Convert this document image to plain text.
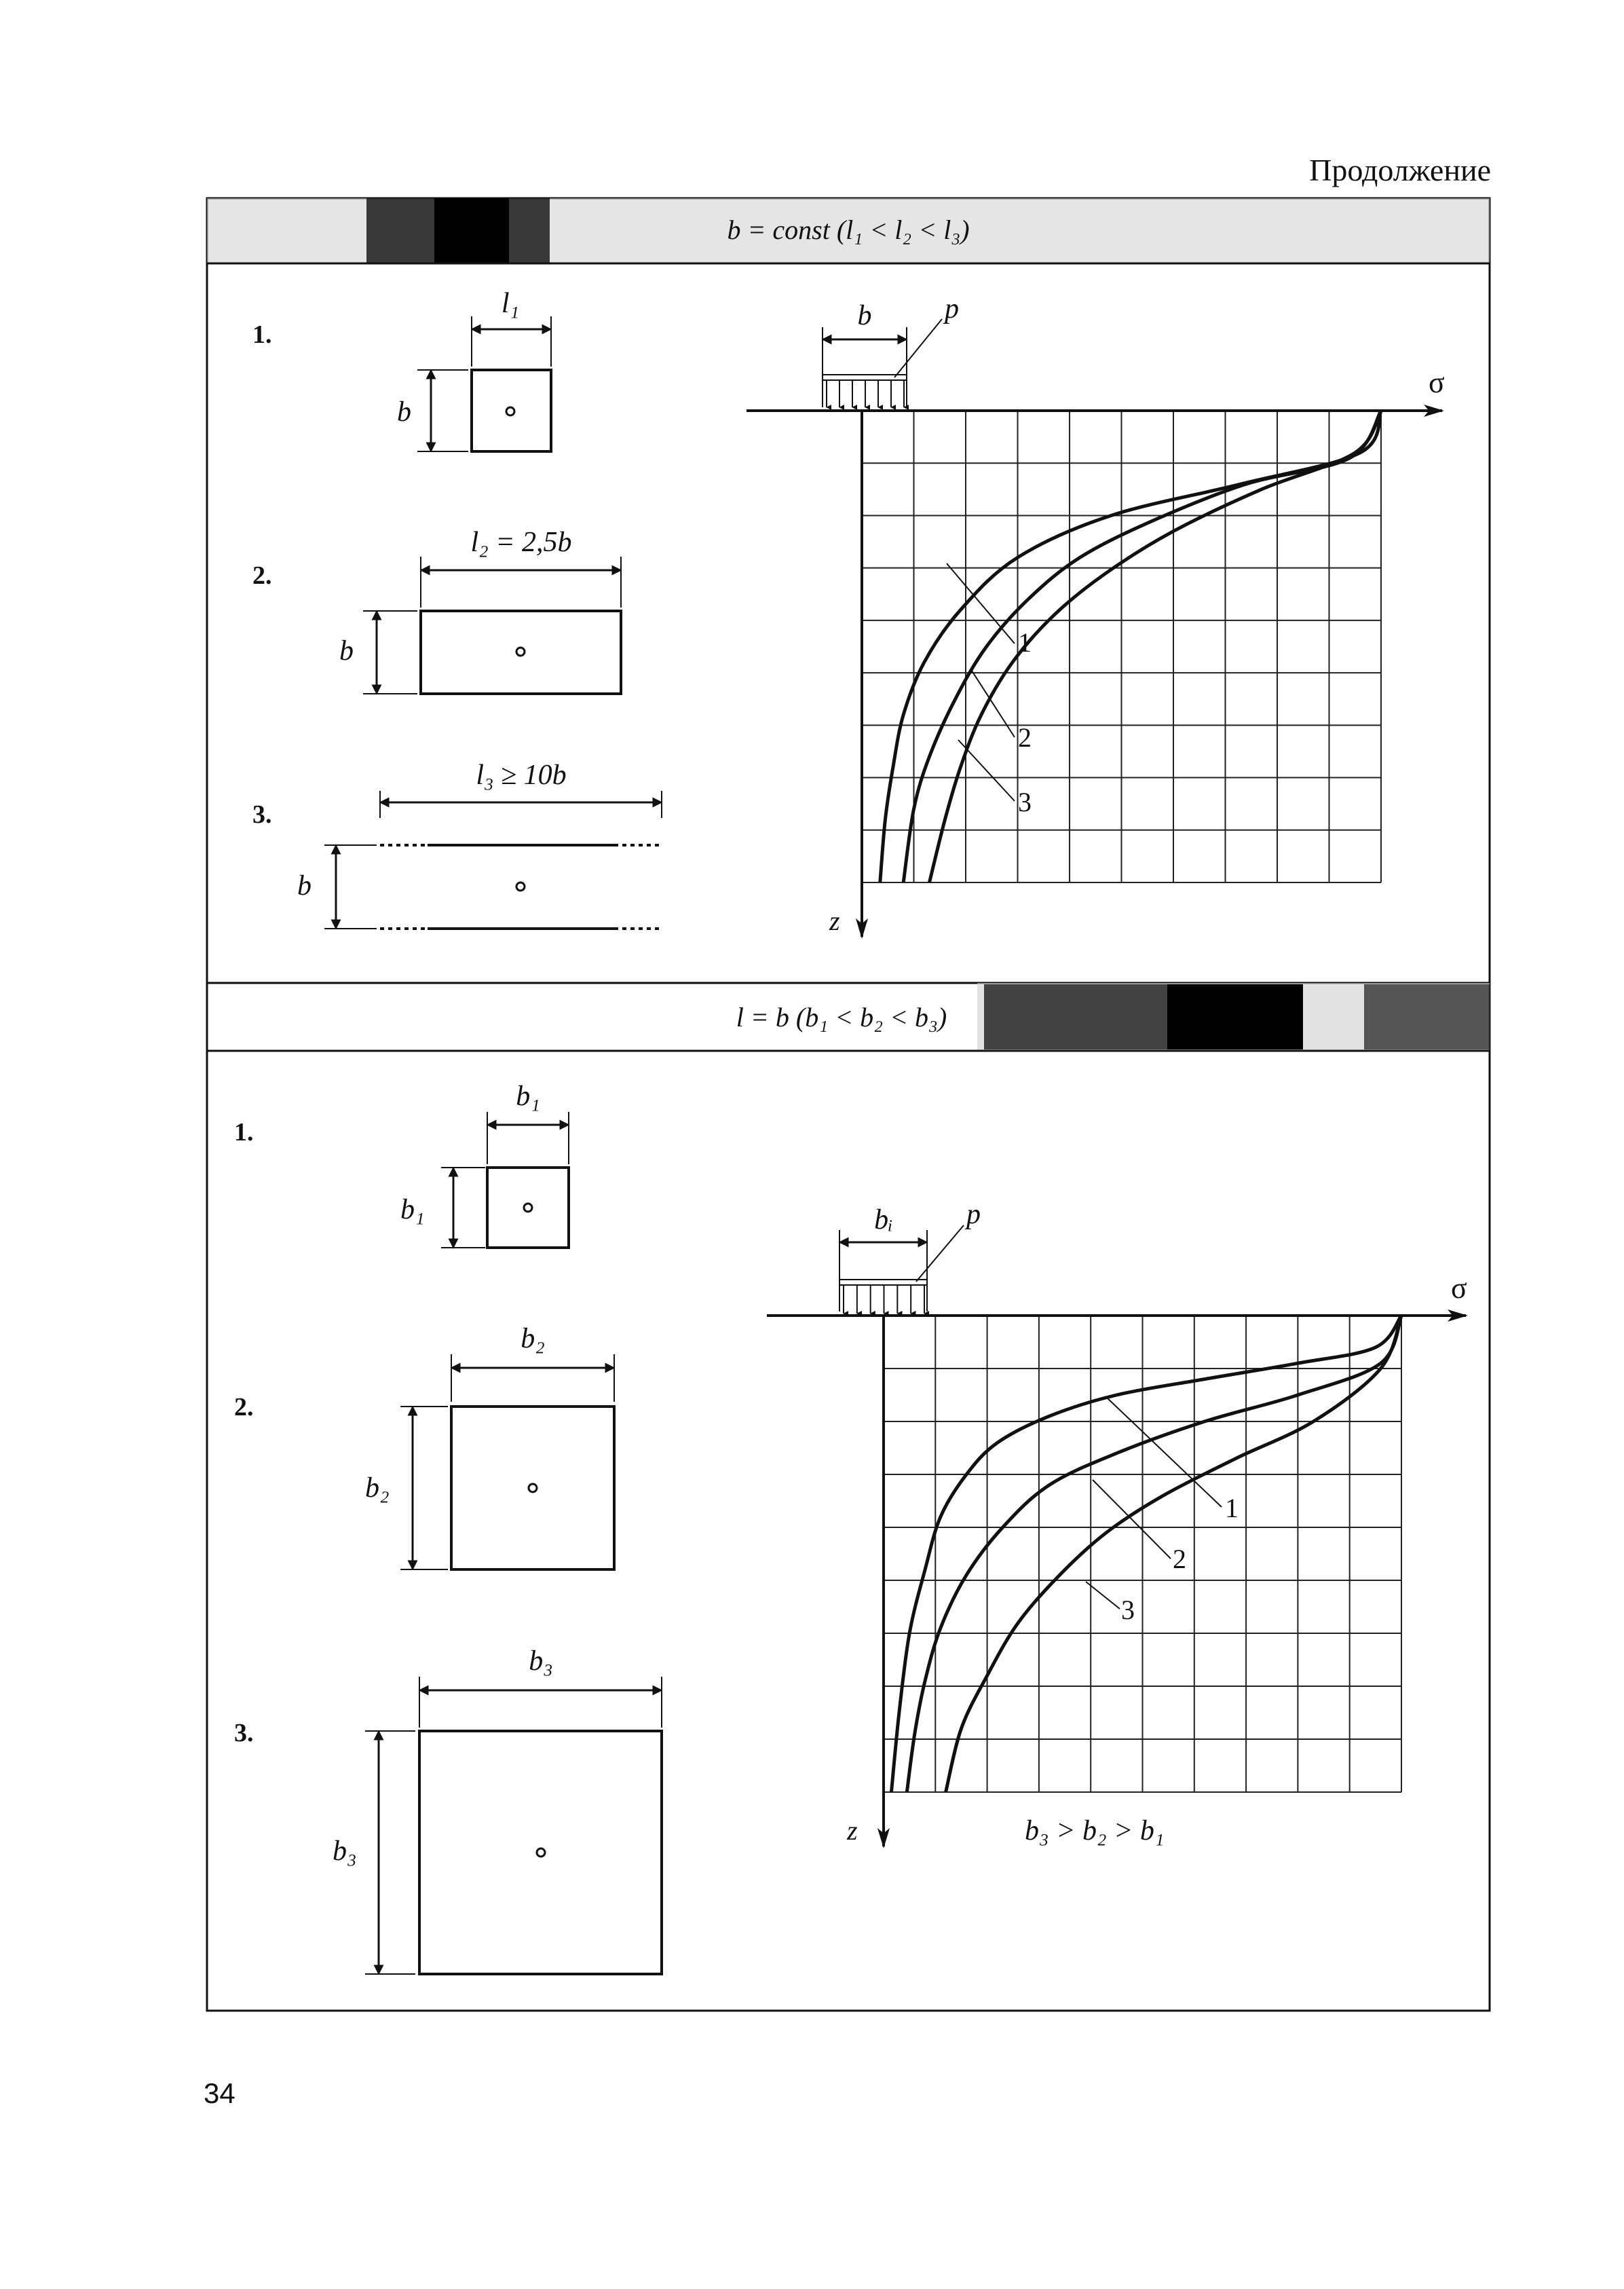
Продолжение
b = const (l₁ < l₂ < l₃)
l = b (b₁ < b₂ < b₃)
1.
l₁
b
2.
l₂ = 2,5b
b
3.
l₃ ≥ 10b
b
1.
b₁
b₁
2.
b₂
b₂
3.
b₃
b₃
σ
z
b	p
1
2
3
σ
z
bᵢ	p
1
2
3
b₃ > b₂ > b₁
34
